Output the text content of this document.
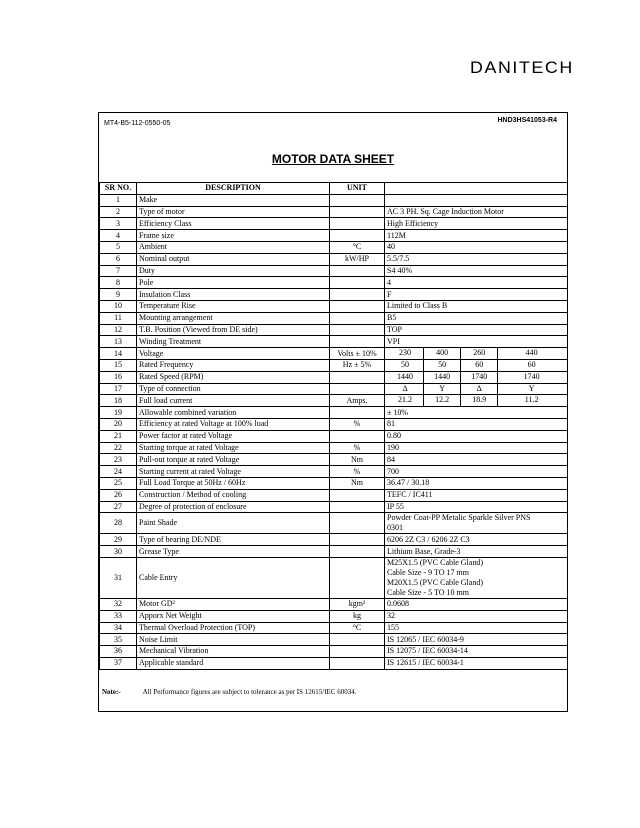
DANITECH
MT4-B5-112-0550-05	HND3HS41053-R4
MOTOR DATA SHEET
SR NO.	DESCRIPTION	UNIT	
1	Make		
2	Type of motor		AC 3 PH. Sq. Cage Induction Motor
3	Efficiency Class		High Efficiency
4	Frame size		112M
5	Ambient	°C	40
6	Nominal output	kW/HP	5.5/7.5
7	Duty		S4 40%
8	Pole		4
9	Insulation Class		F
10	Temperature Rise		Limited to Class B
11	Mounting arrangement		B5
12	T.B. Position (Viewed from DE side)		TOP
13	Winding Treatment		VPI
14	Voltage	Volts ± 10%	230 400 260 440

15	Rated Frequency	Hz ± 5%	50 50 60 60

16	Rated Speed (RPM)		1440 1440 1740 1740

17	Type of connection		Δ Y Δ Y

18	Full load current	Amps.	21.2 12.2 18.9 11.2

19	Allowable combined variation		± 10%
20	Efficiency at rated Voltage at 100% load	%	81
21	Power factor at rated Voltage		0.80
22	Starting torque at rated Voltage	%	190
23	Pull-out torque at rated Voltage	Nm	84
24	Starting current at rated Voltage	%	700
25	Full Load Torque at 50Hz / 60Hz	Nm	36.47 / 30.18
26	Construction / Method of cooling		TEFC / IC411
27	Degree of protection of enclosure		IP 55
28	Paint Shade		Powder Coat-PP Metalic Sparkle Silver PNS
0301

29	Type of bearing DE/NDE		6206 2Z C3 / 6206 2Z C3
30	Grease Type		Lithium Base, Grade-3
31	Cable Entry		M25X1.5 (PVC Cable Gland)
Cable Size - 9 TO 17 mm
M20X1.5 (PVC Cable Gland)
Cable Size - 5 TO 10 mm

32	Motor GD²	kgm²	0.0608
33	Apporx Net Weight	kg	32
34	Thermal Overload Protection (TOP)	°C	155
35	Noise Limit		IS 12065 / IEC 60034-9
36	Mechanical Vibration		IS 12075 / IEC 60034-14
37	Applicable standard		IS 12615 / IEC 60034-1
Note:-	All Performance figures are subject to tolerance as per IS 12615/IEC 60034.
